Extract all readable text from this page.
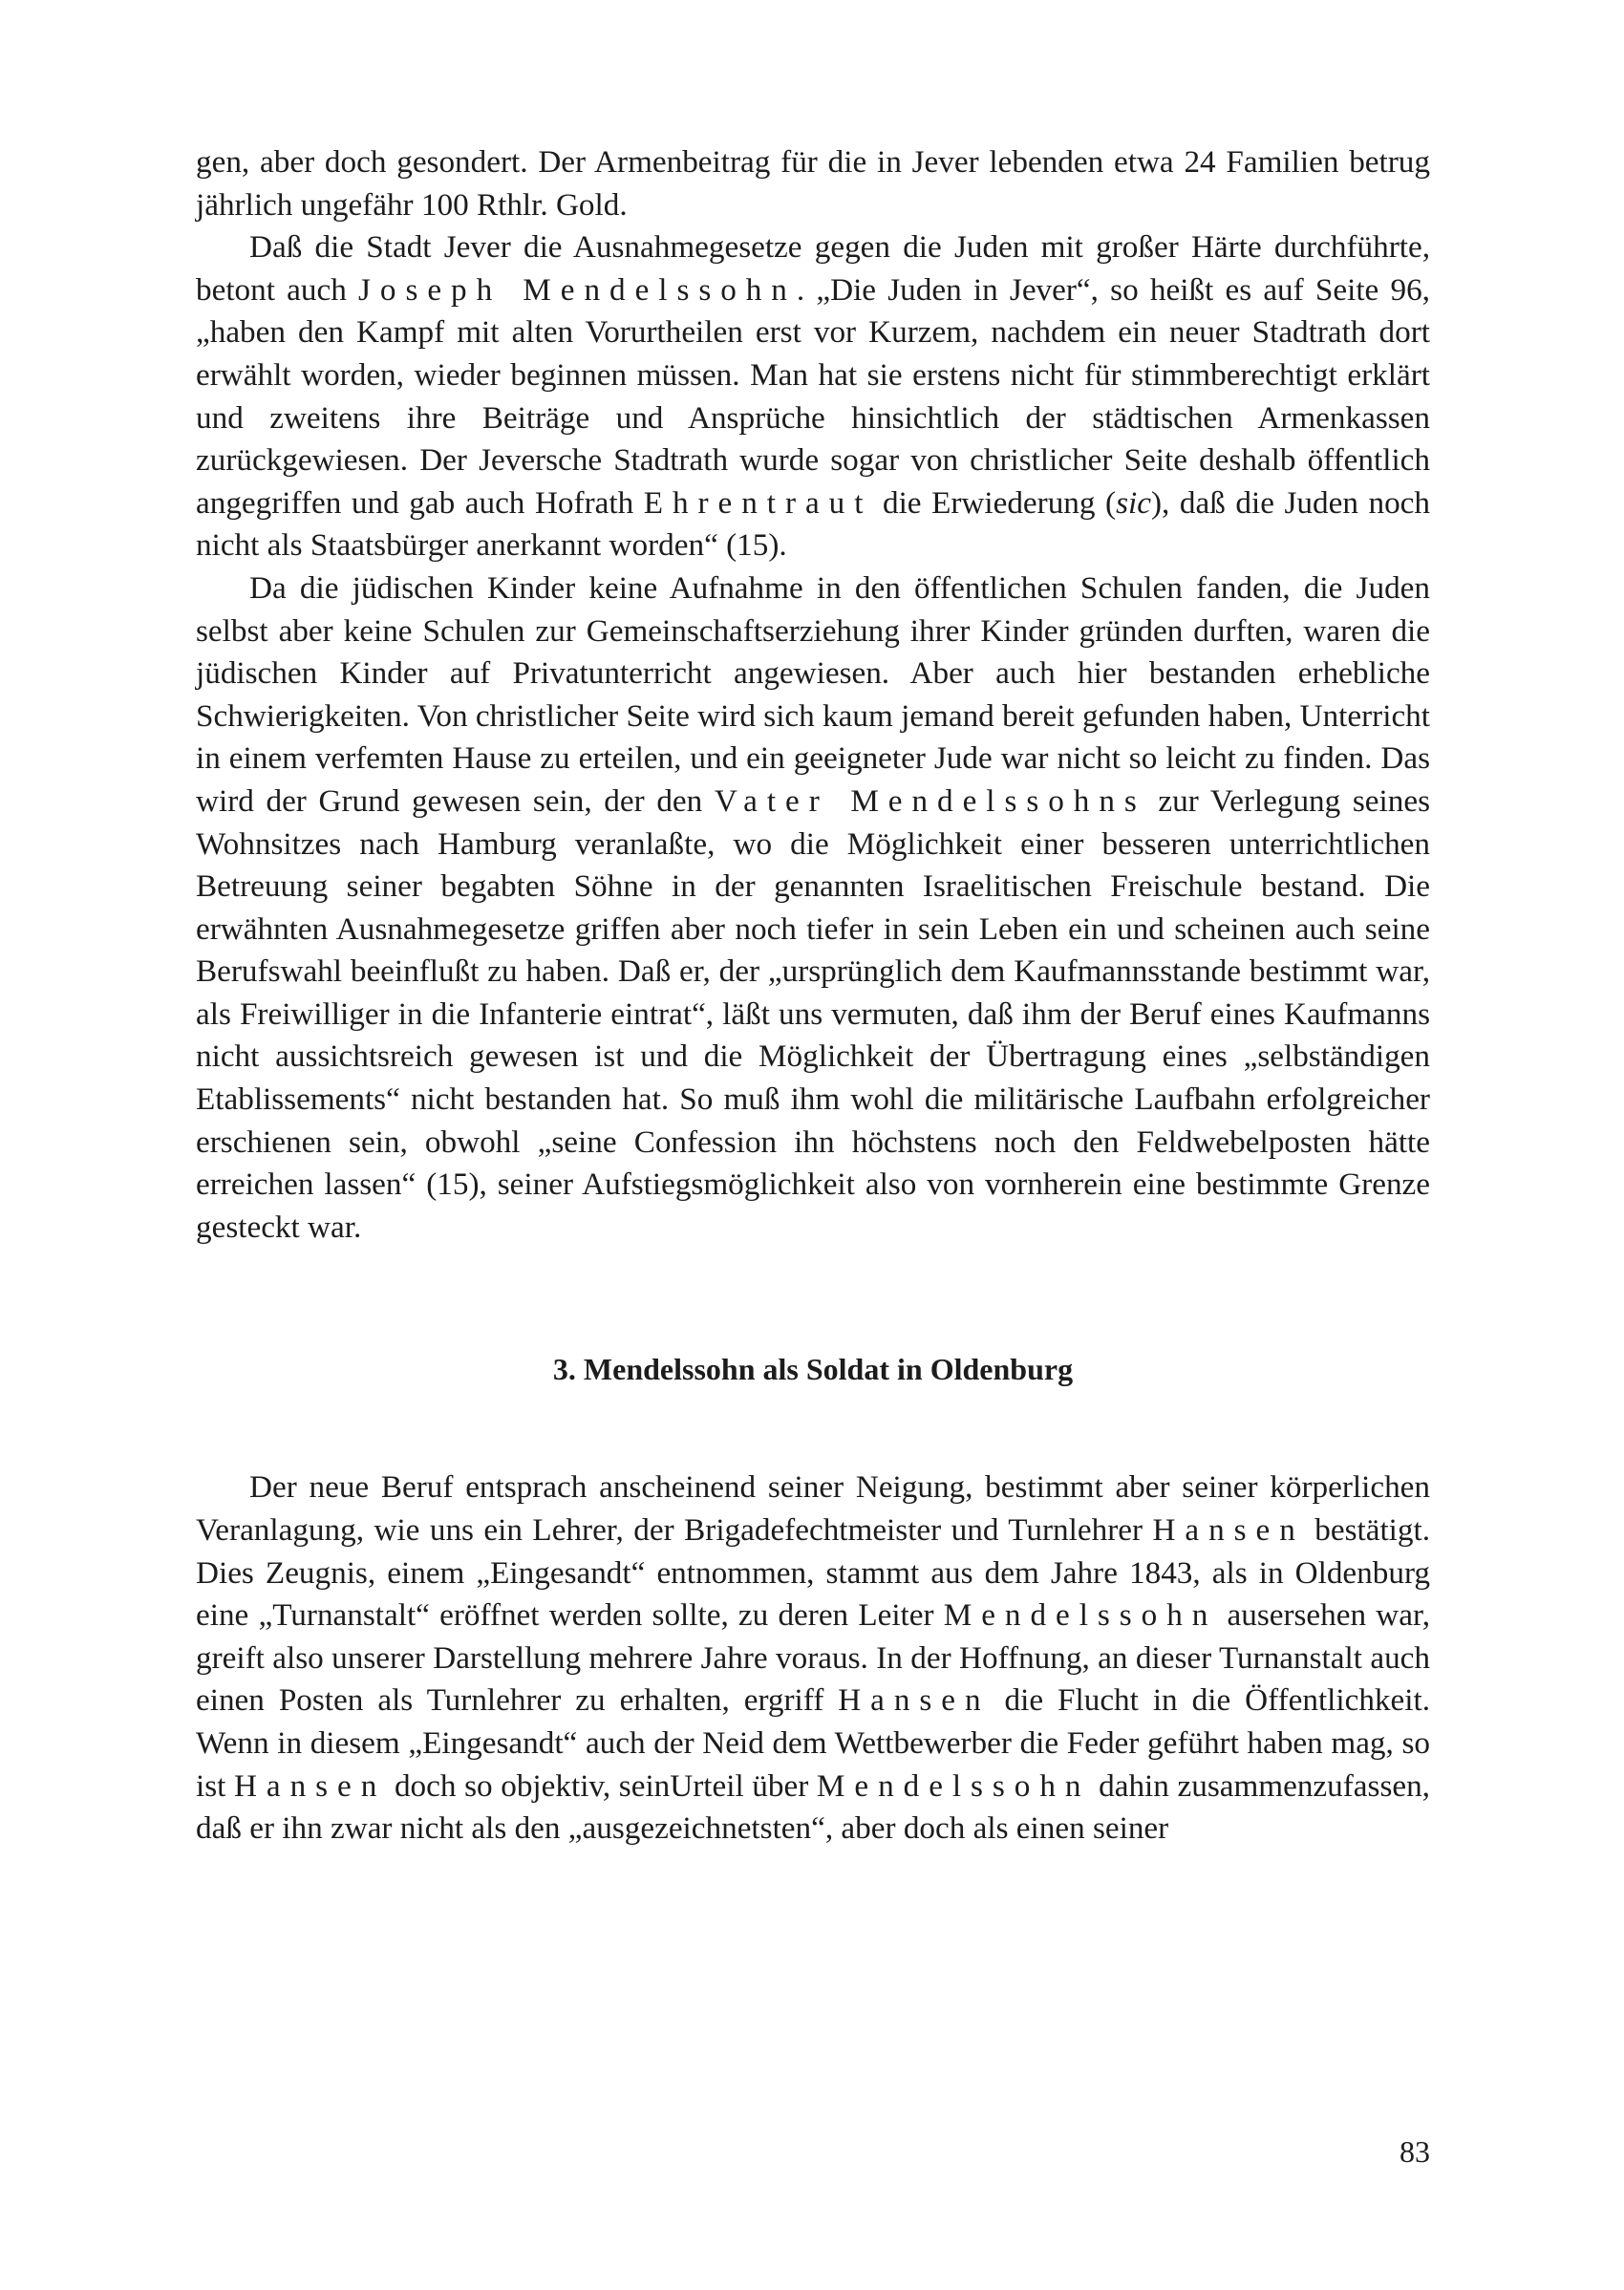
gen, aber doch gesondert. Der Armenbeitrag für die in Jever lebenden etwa 24 Familien betrug jährlich ungefähr 100 Rthlr. Gold.

Daß die Stadt Jever die Ausnahmegesetze gegen die Juden mit großer Härte durchführte, betont auch Joseph Mendelssohn. „Die Juden in Jever“, so heißt es auf Seite 96, „haben den Kampf mit alten Vorurtheilen erst vor Kurzem, nachdem ein neuer Stadtrath dort erwählt worden, wieder beginnen müssen. Man hat sie erstens nicht für stimmberechtigt erklärt und zweitens ihre Beiträge und Ansprüche hinsichtlich der städtischen Armenkassen zurückgewiesen. Der Jeversche Stadtrath wurde sogar von christlicher Seite deshalb öffentlich angegriffen und gab auch Hofrath Ehrentraut die Erwiederung (sic), daß die Juden noch nicht als Staatsbürger anerkannt worden“ (15).

Da die jüdischen Kinder keine Aufnahme in den öffentlichen Schulen fanden, die Juden selbst aber keine Schulen zur Gemeinschaftserziehung ihrer Kinder gründen durften, waren die jüdischen Kinder auf Privatunterricht angewiesen. Aber auch hier bestanden erhebliche Schwierigkeiten. Von christlicher Seite wird sich kaum jemand bereit gefunden haben, Unterricht in einem verfemten Hause zu erteilen, und ein geeigneter Jude war nicht so leicht zu finden. Das wird der Grund gewesen sein, der den Vater Mendelssohns zur Verlegung seines Wohnsitzes nach Hamburg veranlaßte, wo die Möglichkeit einer besseren unterrichtlichen Betreuung seiner begabten Söhne in der genannten Israelitischen Freischule bestand. Die erwähnten Ausnahmegesetze griffen aber noch tiefer in sein Leben ein und scheinen auch seine Berufswahl beeinflußt zu haben. Daß er, der „ursprünglich dem Kaufmannsstande bestimmt war, als Freiwilliger in die Infanterie eintrat“, läßt uns vermuten, daß ihm der Beruf eines Kaufmanns nicht aussichtsreich gewesen ist und die Möglichkeit der Übertragung eines „selbständigen Etablissements“ nicht bestanden hat. So muß ihm wohl die militärische Laufbahn erfolgreicher erschienen sein, obwohl „seine Confession ihn höchstens noch den Feldwebelposten hätte erreichen lassen“ (15), seiner Aufstiegsmöglichkeit also von vornherein eine bestimmte Grenze gesteckt war.

3. Mendelssohn als Soldat in Oldenburg

Der neue Beruf entsprach anscheinend seiner Neigung, bestimmt aber seiner körperlichen Veranlagung, wie uns ein Lehrer, der Brigadefechtmeister und Turnlehrer Hansen bestätigt. Dies Zeugnis, einem „Eingesandt“ entnommen, stammt aus dem Jahre 1843, als in Oldenburg eine „Turnanstalt“ eröffnet werden sollte, zu deren Leiter Mendelssohn ausersehen war, greift also unserer Darstellung mehrere Jahre voraus. In der Hoffnung, an dieser Turnanstalt auch einen Posten als Turnlehrer zu erhalten, ergriff Hansen die Flucht in die Öffentlichkeit. Wenn in diesem „Eingesandt“ auch der Neid dem Wettbewerber die Feder geführt haben mag, so ist Hansen doch so objektiv, seinUrteil über Mendelssohn dahin zusammenzufassen, daß er ihn zwar nicht als den „ausgezeichnetsten“, aber doch als einen seiner

83
